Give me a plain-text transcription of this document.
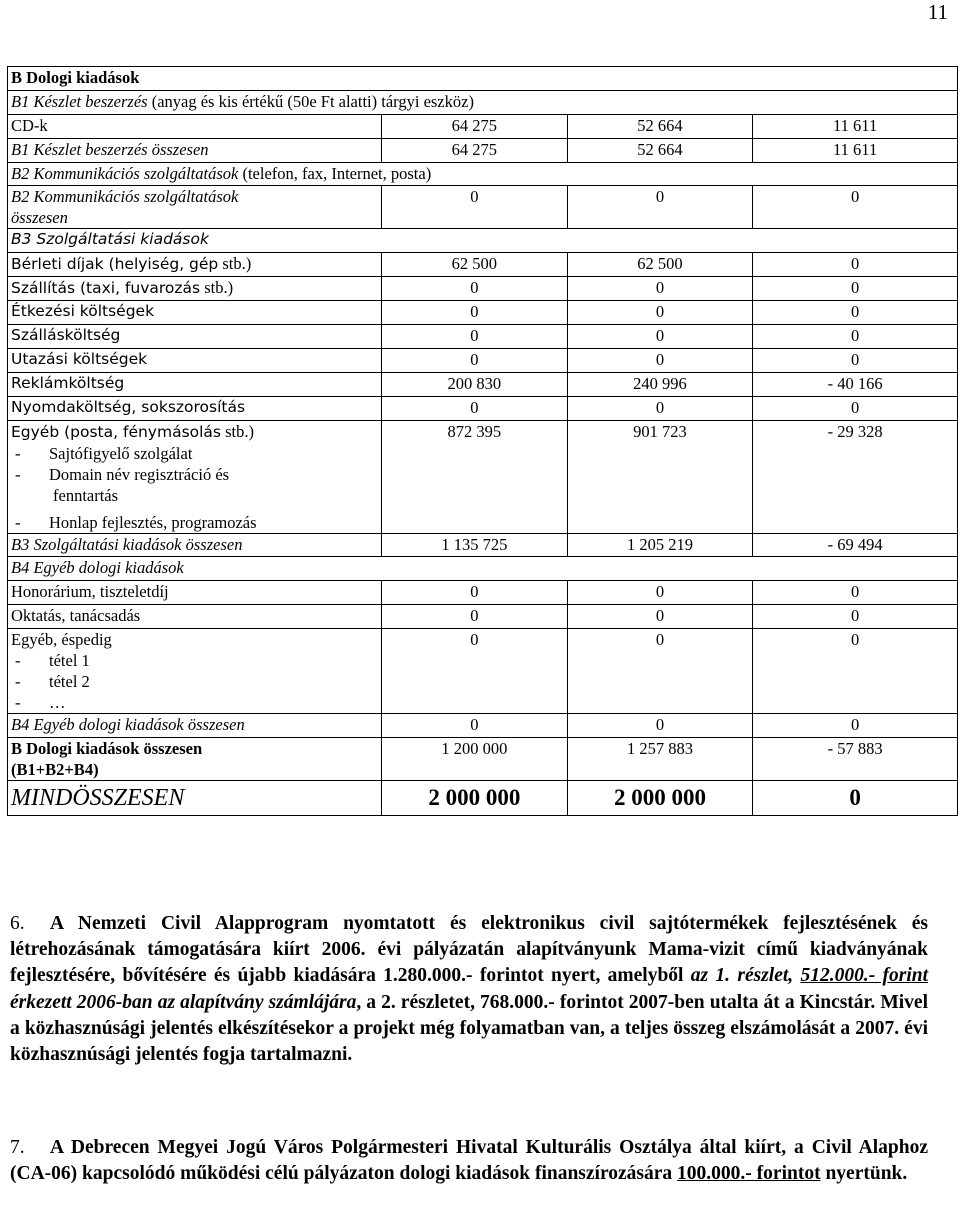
11
B Dologi kiadások			
B1 Készlet beszerzés (anyag és kis értékű (50e Ft alatti) tárgyi eszköz)			
CD-k	64 275	52 664	11 611
B1 Készlet beszerzés összesen	64 275	52 664	11 611
B2 Kommunikációs szolgáltatások (telefon, fax, Internet, posta)			
B2 Kommunikációs szolgáltatások
összesen	0	0	0
B3 Szolgáltatási kiadások			
Bérleti díjak (helyiség, gép stb.)	62 500	62 500	0
Szállítás (taxi, fuvarozás stb.)	0	0	0
Étkezési költségek	0	0	0
Szállásköltség	0	0	0
Utazási költségek	0	0	0
Reklámköltség	200 830	240 996	- 40 166
Nyomdaköltség, sokszorosítás	0	0	0
Egyéb (posta, fénymásolás stb.)
- Sajtófigyelő szolgálat
- Domain név regisztráció és
fenntartás
- Honlap fejlesztés, programozás	872 395	901 723	- 29 328
B3 Szolgáltatási kiadások összesen	1 135 725	1 205 219	- 69 494
B4 Egyéb dologi kiadások			
Honorárium, tiszteletdíj	0	0	0
Oktatás, tanácsadás	0	0	0
Egyéb, éspedig
- tétel 1
- tétel 2
- …	0	0	0
B4 Egyéb dologi kiadások összesen	0	0	0
B Dologi kiadások összesen
(B1+B2+B4)	1 200 000	1 257 883	- 57 883
MINDÖSSZESEN	2 000 000	2 000 000	0
6. A Nemzeti Civil Alapprogram nyomtatott és elektronikus civil sajtótermékek fejlesztésének és létrehozásának támogatására kiírt 2006. évi pályázatán alapítványunk Mama-vizit című kiadványának fejlesztésére, bővítésére és újabb kiadására 1.280.000.- forintot nyert, amelyből az 1. részlet, 512.000.- forint érkezett 2006-ban az alapítvány számlájára, a 2. részletet, 768.000.- forintot 2007-ben utalta át a Kincstár. Mivel a közhasznúsági jelentés elkészítésekor a projekt még folyamatban van, a teljes összeg elszámolását a 2007. évi közhasznúsági jelentés fogja tartalmazni.
7. A Debrecen Megyei Jogú Város Polgármesteri Hivatal Kulturális Osztálya által kiírt, a Civil Alaphoz (CA-06) kapcsolódó működési célú pályázaton dologi kiadások finanszírozására 100.000.- forintot nyertünk.
